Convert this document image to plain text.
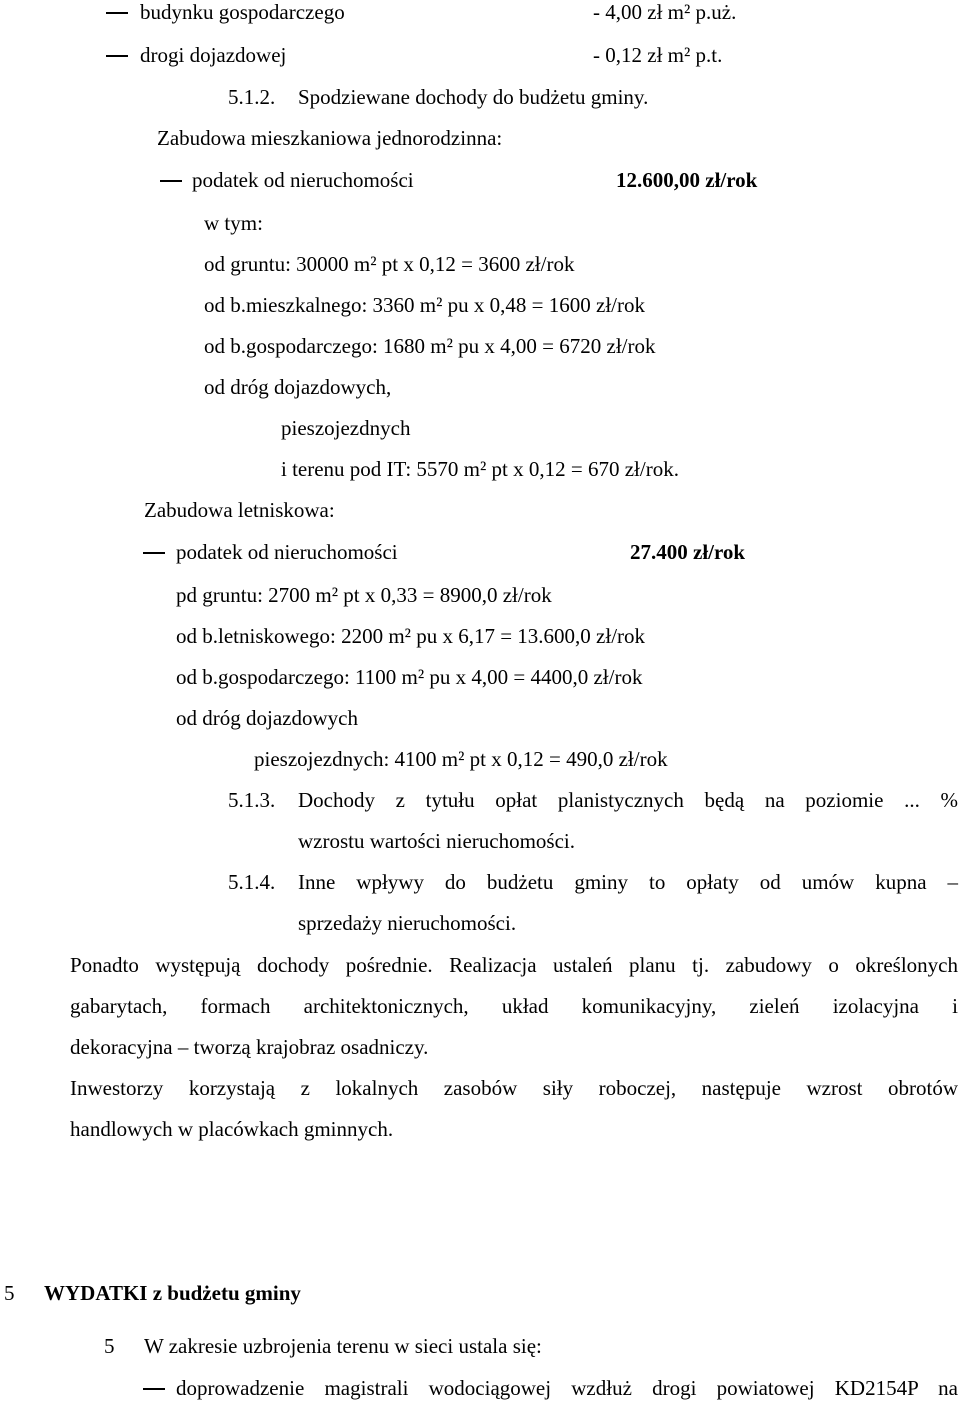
budynku gospodarczego	- 4,00 zł m² p.uż.
drogi dojazdowej	- 0,12 zł m² p.t.
5.1.2. Spodziewane dochody do budżetu gminy.
Zabudowa mieszkaniowa jednorodzinna:
podatek od nieruchomości	12.600,00 zł/rok
w tym:
od gruntu: 30000 m² pt x 0,12 = 3600 zł/rok
od b.mieszkalnego: 3360 m² pu x 0,48 = 1600 zł/rok
od b.gospodarczego: 1680 m² pu x 4,00 = 6720 zł/rok
od dróg dojazdowych,
pieszojezdnych
i terenu pod IT: 5570 m² pt x 0,12 = 670 zł/rok.
Zabudowa letniskowa:
podatek od nieruchomości	27.400 zł/rok
pd gruntu: 2700 m² pt x 0,33 = 8900,0 zł/rok
od b.letniskowego: 2200 m² pu x 6,17 = 13.600,0 zł/rok
od b.gospodarczego: 1100 m² pu x 4,00 = 4400,0 zł/rok
od dróg dojazdowych
pieszojezdnych: 4100 m² pt x 0,12 = 490,0 zł/rok
5.1.3. Dochody z tytułu opłat planistycznych będą na poziomie ... %
wzrostu wartości nieruchomości.
5.1.4. Inne wpływy do budżetu gminy to opłaty od umów kupna –
sprzedaży nieruchomości.
Ponadto występują dochody pośrednie. Realizacja ustaleń planu tj. zabudowy o określonych
gabarytach, formach architektonicznych, układ komunikacyjny, zieleń izolacyjna i
dekoracyjna – tworzą krajobraz osadniczy.
Inwestorzy korzystają z lokalnych zasobów siły roboczej, następuje wzrost obrotów
handlowych w placówkach gminnych.
5 WYDATKI z budżetu gminy
5 W zakresie uzbrojenia terenu w sieci ustala się:
doprowadzenie magistrali wodociągowej wzdłuż drogi powiatowej KD2154P na
